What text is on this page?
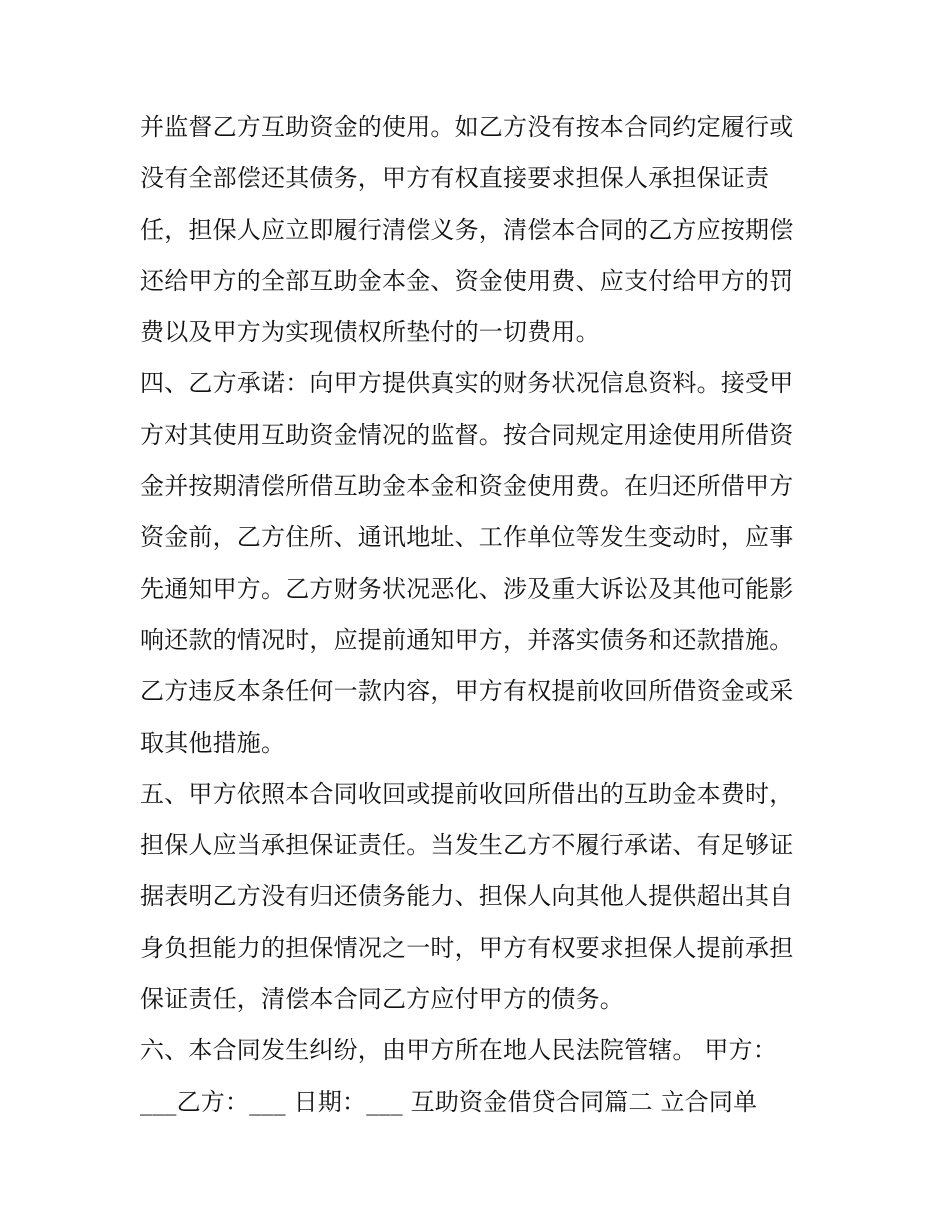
并监督乙方互助资金的使用。如乙方没有按本合同约定履行或
没有全部偿还其债务，甲方有权直接要求担保人承担保证责
任，担保人应立即履行清偿义务，清偿本合同的乙方应按期偿
还给甲方的全部互助金本金、资金使用费、应支付给甲方的罚
费以及甲方为实现债权所垫付的一切费用。
四、乙方承诺：向甲方提供真实的财务状况信息资料。接受甲
方对其使用互助资金情况的监督。按合同规定用途使用所借资
金并按期清偿所借互助金本金和资金使用费。在归还所借甲方
资金前，乙方住所、通讯地址、工作单位等发生变动时，应事
先通知甲方。乙方财务状况恶化、涉及重大诉讼及其他可能影
响还款的情况时，应提前通知甲方，并落实债务和还款措施。
乙方违反本条任何一款内容，甲方有权提前收回所借资金或采
取其他措施。
五、甲方依照本合同收回或提前收回所借出的互助金本费时，
担保人应当承担保证责任。当发生乙方不履行承诺、有足够证
据表明乙方没有归还债务能力、担保人向其他人提供超出其自
身负担能力的担保情况之一时，甲方有权要求担保人提前承担
保证责任，清偿本合同乙方应付甲方的债务。
六、本合同发生纠纷，由甲方所在地人民法院管辖。 甲方：
___乙方：___ 日期：___ 互助资金借贷合同篇二 立合同单
